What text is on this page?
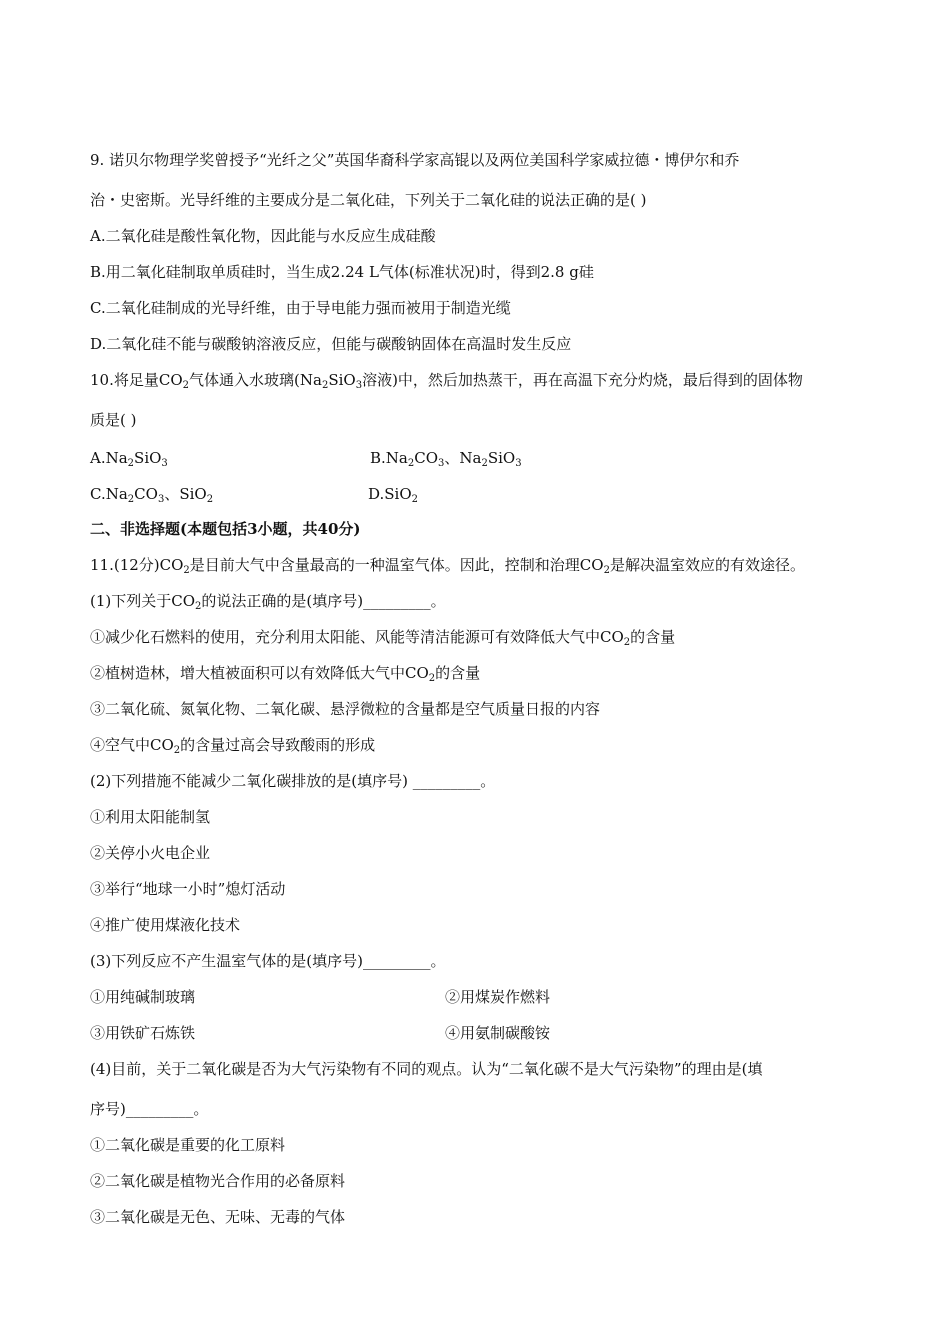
9. 诺贝尔物理学奖曾授予“光纤之父”英国华裔科学家高锟以及两位美国科学家威拉德・博伊尔和乔
治・史密斯。光导纤维的主要成分是二氧化硅，下列关于二氧化硅的说法正确的是( )
A.二氧化硅是酸性氧化物，因此能与水反应生成硅酸
B.用二氧化硅制取单质硅时，当生成2.24 L气体(标准状况)时，得到2.8 g硅
C.二氧化硅制成的光导纤维，由于导电能力强而被用于制造光缆
D.二氧化硅不能与碳酸钠溶液反应，但能与碳酸钠固体在高温时发生反应
10.将足量$CO_2$气体通入水玻璃($Na_2SiO_3$溶液)中，然后加热蒸干，再在高温下充分灼烧，最后得到的固体物
质是( )
$A.Na_2SiO_3$	$B.Na_2CO_3$、$Na_2SiO_3$
$C.Na_2CO_3$、SiO$_2$	D.SiO$_2$
二、非选择题(本题包括3小题，共40分)
11.(12分)$CO_2$是目前大气中含量最高的一种温室气体。因此，控制和治理$CO_2$是解决温室效应的有效途径。
(1)下列关于$CO_2$的说法正确的是(填序号)_________。
①减少化石燃料的使用，充分利用太阳能、风能等清洁能源可有效降低大气中$CO_2$的含量
②植树造林，增大植被面积可以有效降低大气中$CO_2$的含量
③二氧化硫、氮氧化物、二氧化碳、悬浮微粒的含量都是空气质量日报的内容
④空气中$CO_2$的含量过高会导致酸雨的形成
(2)下列措施不能减少二氧化碳排放的是(填序号) _________。
①利用太阳能制氢
②关停小火电企业
③举行“地球一小时”熄灯活动
④推广使用煤液化技术
(3)下列反应不产生温室气体的是(填序号)_________。
①用纯碱制玻璃	②用煤炭作燃料
③用铁矿石炼铁	④用氨制碳酸铵
(4)目前，关于二氧化碳是否为大气污染物有不同的观点。认为“二氧化碳不是大气污染物”的理由是(填
序号)_________。
①二氧化碳是重要的化工原料
②二氧化碳是植物光合作用的必备原料
③二氧化碳是无色、无味、无毒的气体
